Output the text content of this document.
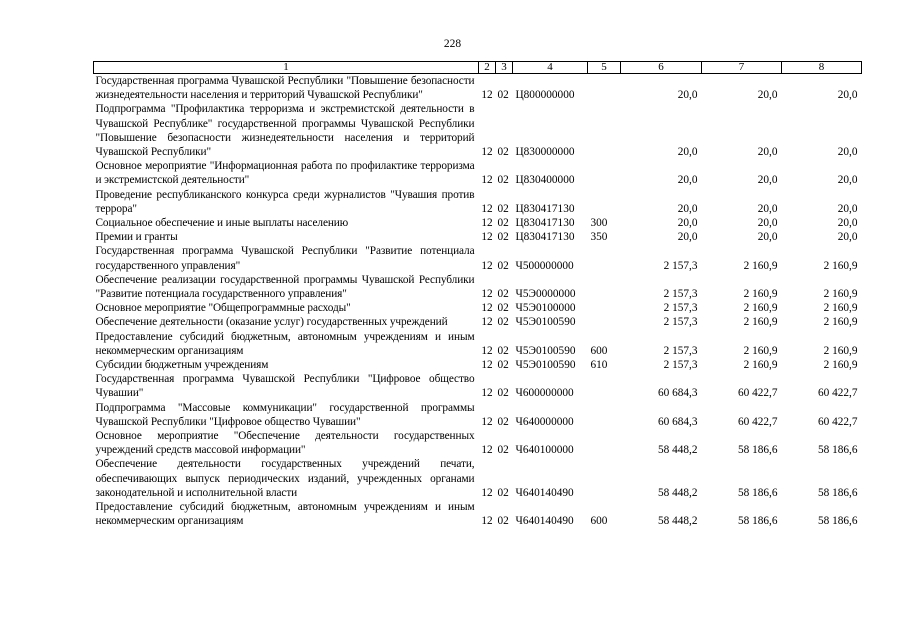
228
1	2	3	4	5	6	7	8
Государственная программа Чувашской Республики "Повышение безопасности жизнедеятельности населения и территорий Чувашской Республики"	12	02	Ц800000000		20,0	20,0	20,0
Подпрограмма "Профилактика терроризма и экстремистской деятельности в Чувашской Республике" государственной программы Чувашской Республики "Повышение безопасности жизнедеятельности населения и территорий Чувашской Республики"	12	02	Ц830000000		20,0	20,0	20,0
Основное мероприятие "Информационная работа по профилактике терроризма и экстремистской деятельности"	12	02	Ц830400000		20,0	20,0	20,0
Проведение республиканского конкурса среди журналистов "Чувашия против террора"	12	02	Ц830417130		20,0	20,0	20,0
Социальное обеспечение и иные выплаты населению	12	02	Ц830417130	300	20,0	20,0	20,0
Премии и гранты	12	02	Ц830417130	350	20,0	20,0	20,0
Государственная программа Чувашской Республики "Развитие потенциала государственного управления"	12	02	Ч500000000		2 157,3	2 160,9	2 160,9
Обеспечение реализации государственной программы Чувашской Республики "Развитие потенциала государственного управления"	12	02	Ч5Э0000000		2 157,3	2 160,9	2 160,9
Основное мероприятие "Общепрограммные расходы"	12	02	Ч5Э0100000		2 157,3	2 160,9	2 160,9
Обеспечение деятельности (оказание услуг) государственных учреждений	12	02	Ч5Э0100590		2 157,3	2 160,9	2 160,9
Предоставление субсидий бюджетным, автономным учреждениям и иным некоммерческим организациям	12	02	Ч5Э0100590	600	2 157,3	2 160,9	2 160,9
Субсидии бюджетным учреждениям	12	02	Ч5Э0100590	610	2 157,3	2 160,9	2 160,9
Государственная программа Чувашской Республики "Цифровое общество Чувашии"	12	02	Ч600000000		60 684,3	60 422,7	60 422,7
Подпрограмма "Массовые коммуникации" государственной программы Чувашской Республики "Цифровое общество Чувашии"	12	02	Ч640000000		60 684,3	60 422,7	60 422,7
Основное мероприятие "Обеспечение деятельности государственных учреждений средств массовой информации"	12	02	Ч640100000		58 448,2	58 186,6	58 186,6
Обеспечение деятельности государственных учреждений печати, обеспечивающих выпуск периодических изданий, учрежденных органами законодательной и исполнительной власти	12	02	Ч640140490		58 448,2	58 186,6	58 186,6
Предоставление субсидий бюджетным, автономным учреждениям и иным некоммерческим организациям	12	02	Ч640140490	600	58 448,2	58 186,6	58 186,6
